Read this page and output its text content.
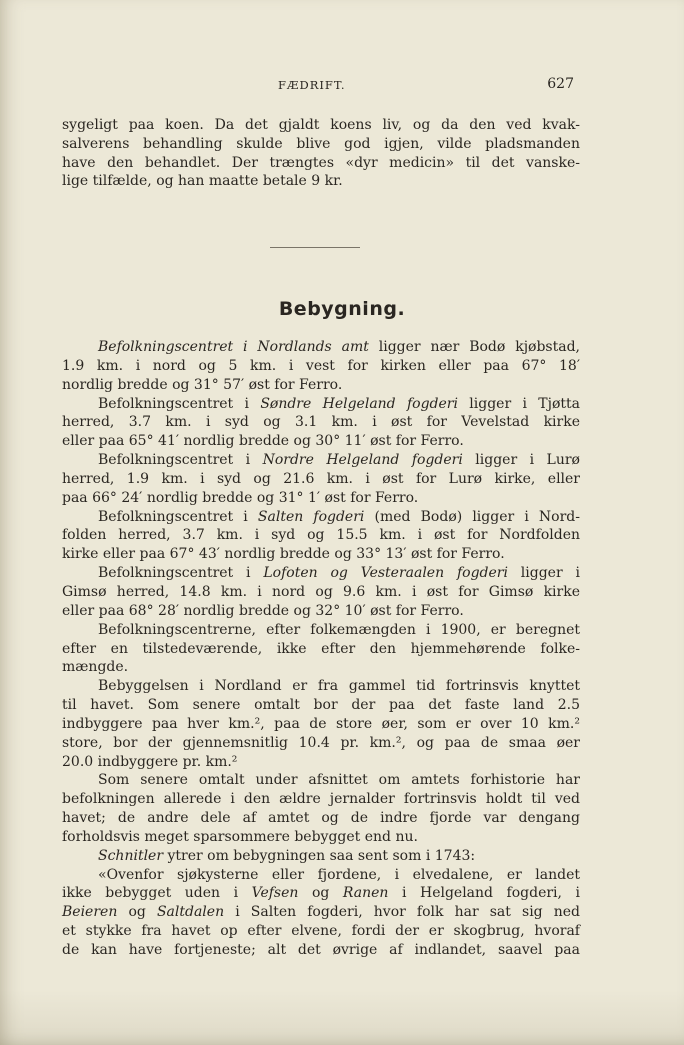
FÆDRIFT.	627
sygeligt paa koen. Da det gjaldt koens liv, og da den ved kvak-
salverens behandling skulde blive god igjen, vilde pladsmanden
have den behandlet. Der trængtes «dyr medicin» til det vanske-
lige tilfælde, og han maatte betale 9 kr.
Bebygning.
Befolkningscentret i Nordlands amt ligger nær Bodø kjøbstad,
1.9 km. i nord og 5 km. i vest for kirken eller paa 67° 18′
nordlig bredde og 31° 57′ øst for Ferro.
Befolkningscentret i Søndre Helgeland fogderi ligger i Tjøtta
herred, 3.7 km. i syd og 3.1 km. i øst for Vevelstad kirke
eller paa 65° 41′ nordlig bredde og 30° 11′ øst for Ferro.
Befolkningscentret i Nordre Helgeland fogderi ligger i Lurø
herred, 1.9 km. i syd og 21.6 km. i øst for Lurø kirke, eller
paa 66° 24′ nordlig bredde og 31° 1′ øst for Ferro.
Befolkningscentret i Salten fogderi (med Bodø) ligger i Nord-
folden herred, 3.7 km. i syd og 15.5 km. i øst for Nordfolden
kirke eller paa 67° 43′ nordlig bredde og 33° 13′ øst for Ferro.
Befolkningscentret i Lofoten og Vesteraalen fogderi ligger i
Gimsø herred, 14.8 km. i nord og 9.6 km. i øst for Gimsø kirke
eller paa 68° 28′ nordlig bredde og 32° 10′ øst for Ferro.
Befolkningscentrerne, efter folkemængden i 1900, er beregnet
efter en tilstedeværende, ikke efter den hjemmehørende folke-
mængde.
Bebyggelsen i Nordland er fra gammel tid fortrinsvis knyttet
til havet. Som senere omtalt bor der paa det faste land 2.5
indbyggere paa hver km.², paa de store øer, som er over 10 km.²
store, bor der gjennemsnitlig 10.4 pr. km.², og paa de smaa øer
20.0 indbyggere pr. km.²
Som senere omtalt under afsnittet om amtets forhistorie har
befolkningen allerede i den ældre jernalder fortrinsvis holdt til ved
havet; de andre dele af amtet og de indre fjorde var dengang
forholdsvis meget sparsommere bebygget end nu.
Schnitler ytrer om bebygningen saa sent som i 1743:
«Ovenfor sjøkysterne eller fjordene, i elvedalene, er landet
ikke bebygget uden i Vefsen og Ranen i Helgeland fogderi, i
Beieren og Saltdalen i Salten fogderi, hvor folk har sat sig ned
et stykke fra havet op efter elvene, fordi der er skogbrug, hvoraf
de kan have fortjeneste; alt det øvrige af indlandet, saavel paa
